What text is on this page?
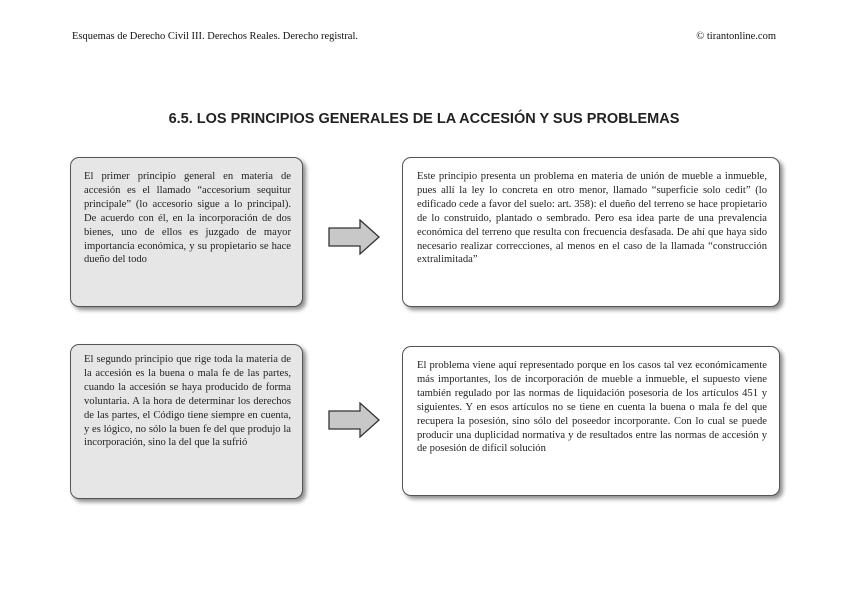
Esquemas de Derecho Civil III. Derechos Reales. Derecho registral.	© tirantonline.com
6.5. LOS PRINCIPIOS GENERALES DE LA ACCESIÓN Y SUS PROBLEMAS
El primer principio general en materia de accesión es el llamado “accesorium sequitur principale” (lo accesorio sigue a lo principal). De acuerdo con él, en la incorporación de dos bienes, uno de ellos es juzgado de mayor importancia económica, y su propietario se hace dueño del todo
Este principio presenta un problema en materia de unión de mueble a inmueble, pues allí la ley lo concreta en otro menor, llamado “superficie solo cedit” (lo edificado cede a favor del suelo: art. 358): el dueño del terreno se hace propietario de lo construido, plantado o sembrado. Pero esa idea parte de una prevalencia económica del terreno que resulta con frecuencia desfasada. De ahí que haya sido necesario realizar correcciones, al menos en el caso de la llamada “construcción extralimitada”
El segundo principio que rige toda la materia de la accesión es la buena o mala fe de las partes, cuando la accesión se haya producido de forma voluntaria. A la hora de determinar los derechos de las partes, el Código tiene siempre en cuenta, y es lógico, no sólo la buen fe del que produjo la incorporación, sino la del que la sufrió
El problema viene aquí representado porque en los casos tal vez económicamente más importantes, los de incorporación de mueble a inmueble, el supuesto viene también regulado por las normas de liquidación posesoria de los artículos 451 y siguientes. Y en esos artículos no se tiene en cuenta la buena o mala fe del que recupera la posesión, sino sólo del poseedor incorporante. Con lo cual se puede producir una duplicidad normativa y de resultados entre las normas de accesión y de posesión de difícil solución
